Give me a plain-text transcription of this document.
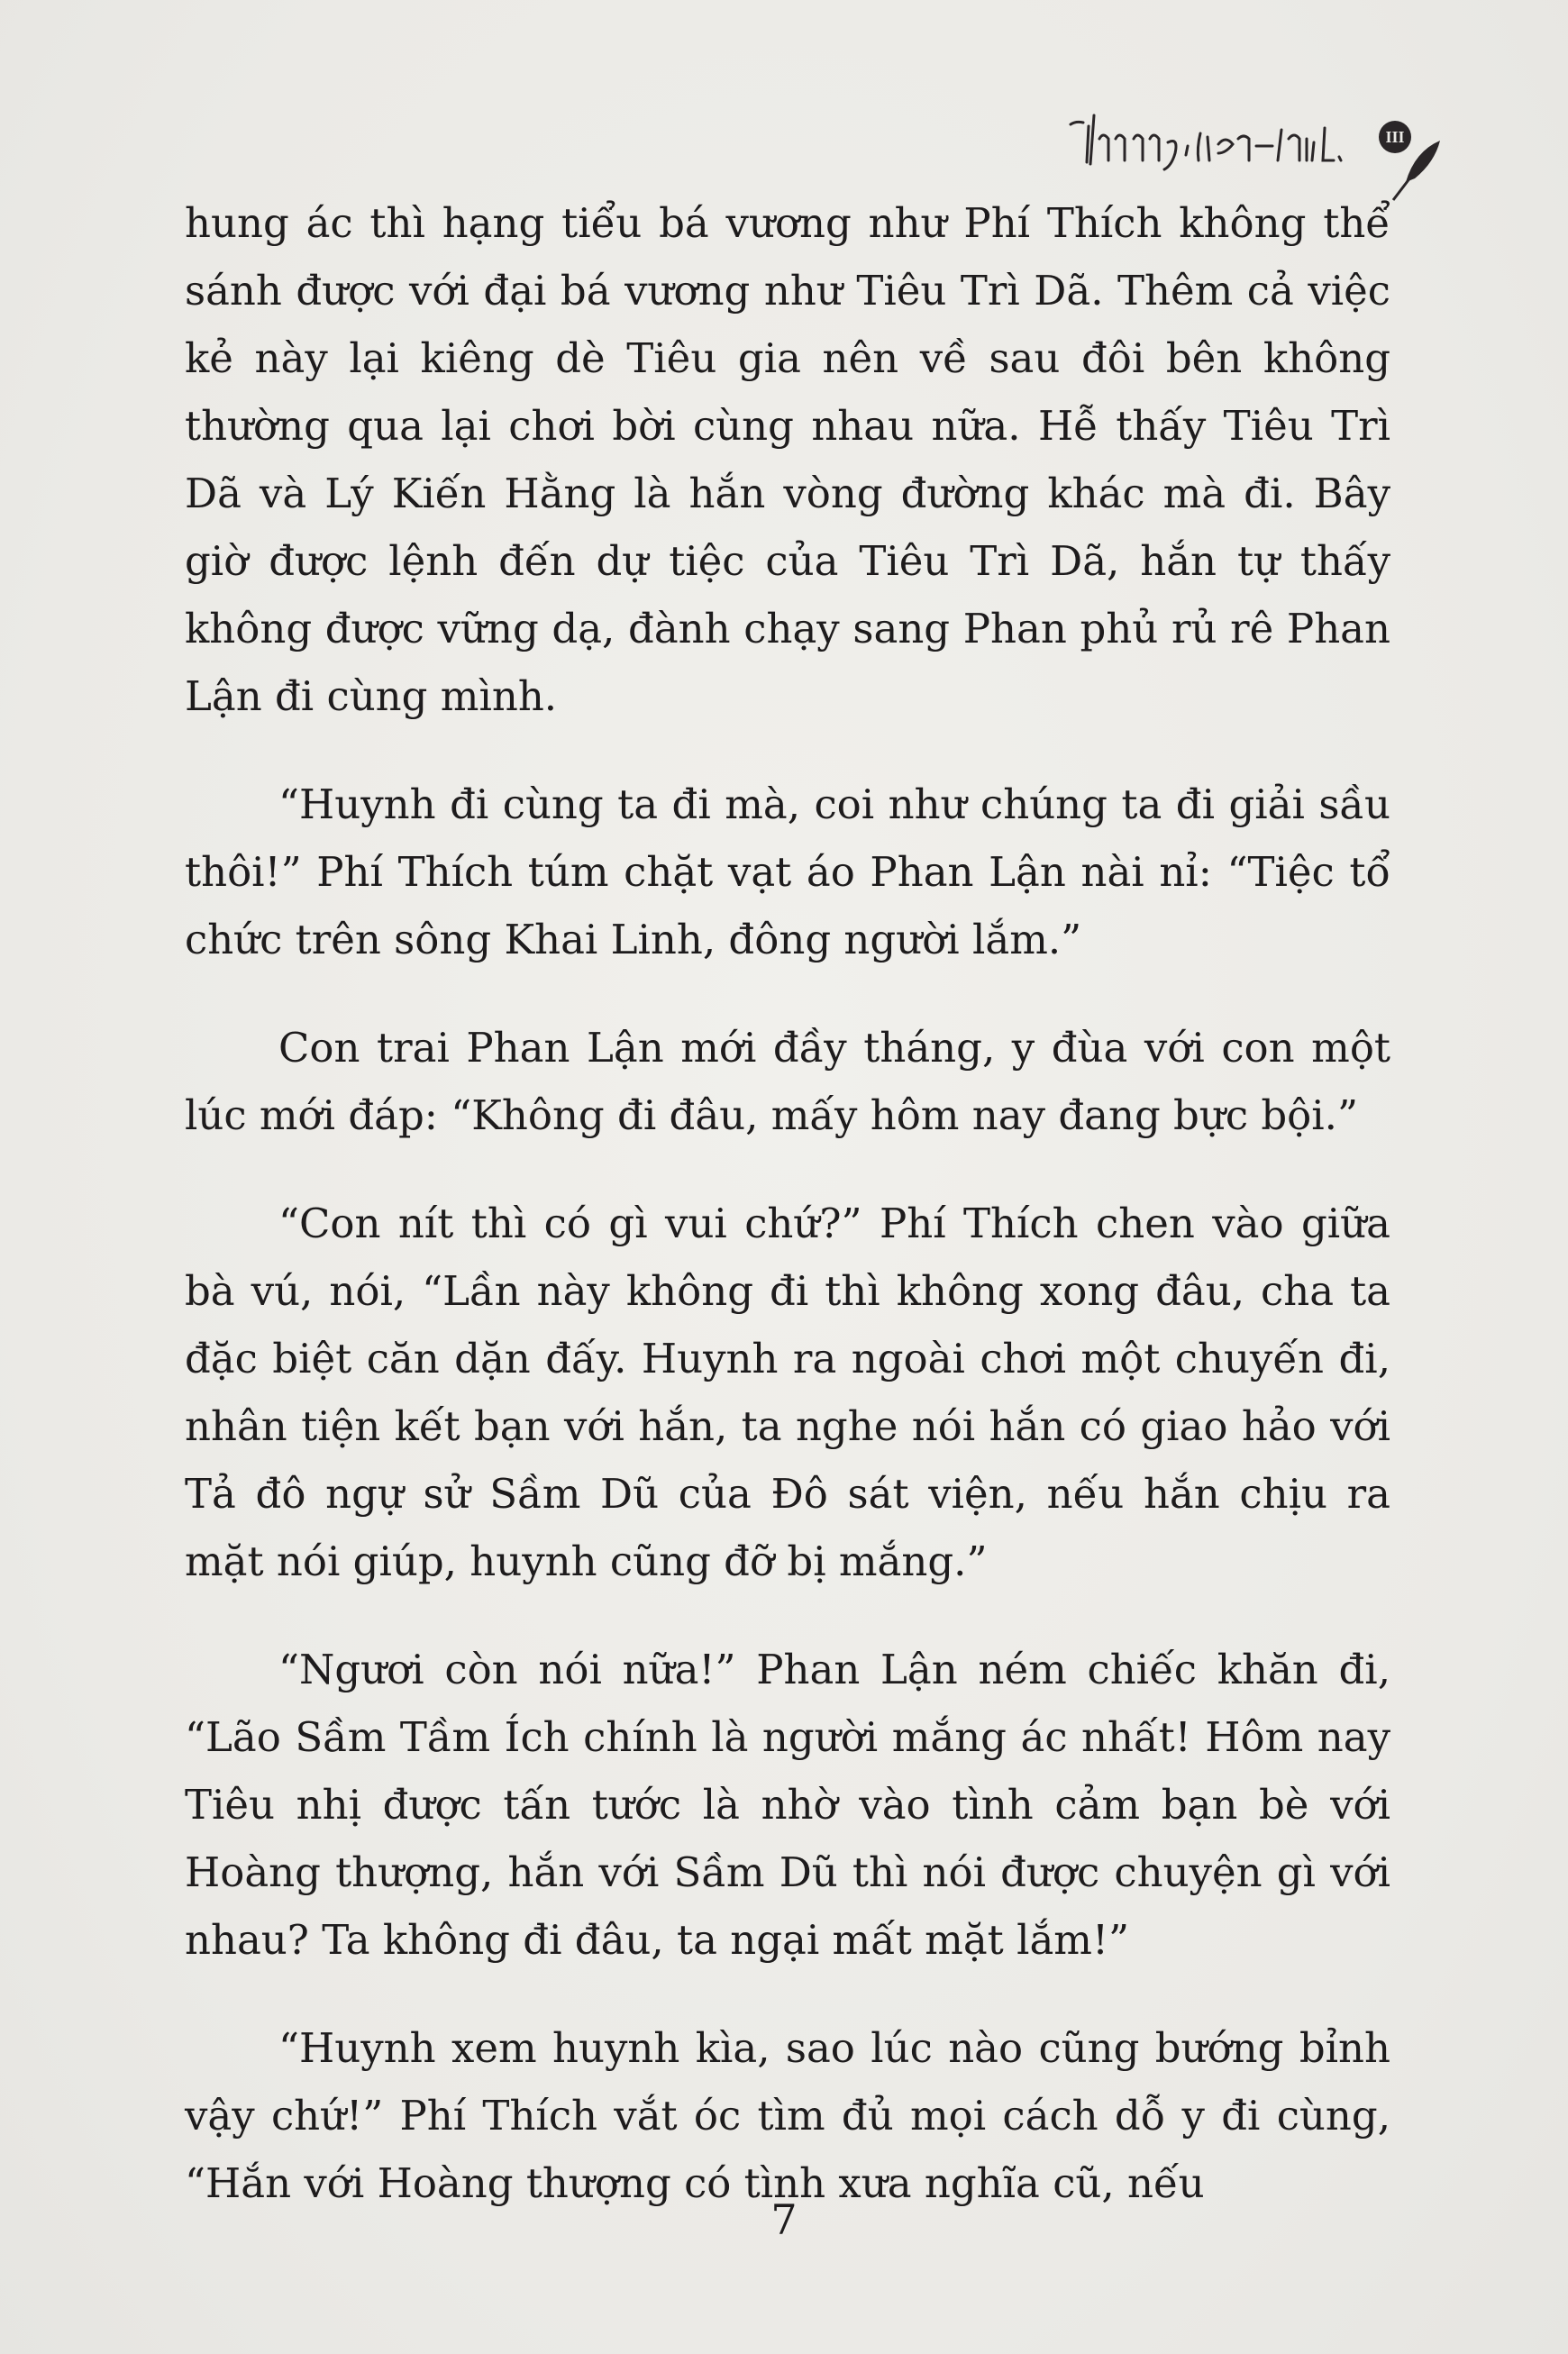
III

hung ác thì hạng tiểu bá vương như Phí Thích không thể sánh được với đại bá vương như Tiêu Trì Dã. Thêm cả việc kẻ này lại kiêng dè Tiêu gia nên về sau đôi bên không thường qua lại chơi bời cùng nhau nữa. Hễ thấy Tiêu Trì Dã và Lý Kiến Hằng là hắn vòng đường khác mà đi. Bây giờ được lệnh đến dự tiệc của Tiêu Trì Dã, hắn tự thấy không được vững dạ, đành chạy sang Phan phủ rủ rê Phan Lận đi cùng mình.

“Huynh đi cùng ta đi mà, coi như chúng ta đi giải sầu thôi!” Phí Thích túm chặt vạt áo Phan Lận nài nỉ: “Tiệc tổ chức trên sông Khai Linh, đông người lắm.”

Con trai Phan Lận mới đầy tháng, y đùa với con một lúc mới đáp: “Không đi đâu, mấy hôm nay đang bực bội.”

“Con nít thì có gì vui chứ?” Phí Thích chen vào giữa bà vú, nói, “Lần này không đi thì không xong đâu, cha ta đặc biệt căn dặn đấy. Huynh ra ngoài chơi một chuyến đi, nhân tiện kết bạn với hắn, ta nghe nói hắn có giao hảo với Tả đô ngự sử Sầm Dũ của Đô sát viện, nếu hắn chịu ra mặt nói giúp, huynh cũng đỡ bị mắng.”

“Ngươi còn nói nữa!” Phan Lận ném chiếc khăn đi, “Lão Sầm Tầm Ích chính là người mắng ác nhất! Hôm nay Tiêu nhị được tấn tước là nhờ vào tình cảm bạn bè với Hoàng thượng, hắn với Sầm Dũ thì nói được chuyện gì với nhau? Ta không đi đâu, ta ngại mất mặt lắm!”

“Huynh xem huynh kìa, sao lúc nào cũng bướng bỉnh vậy chứ!” Phí Thích vắt óc tìm đủ mọi cách dỗ y đi cùng, “Hắn với Hoàng thượng có tình xưa nghĩa cũ, nếu

7
